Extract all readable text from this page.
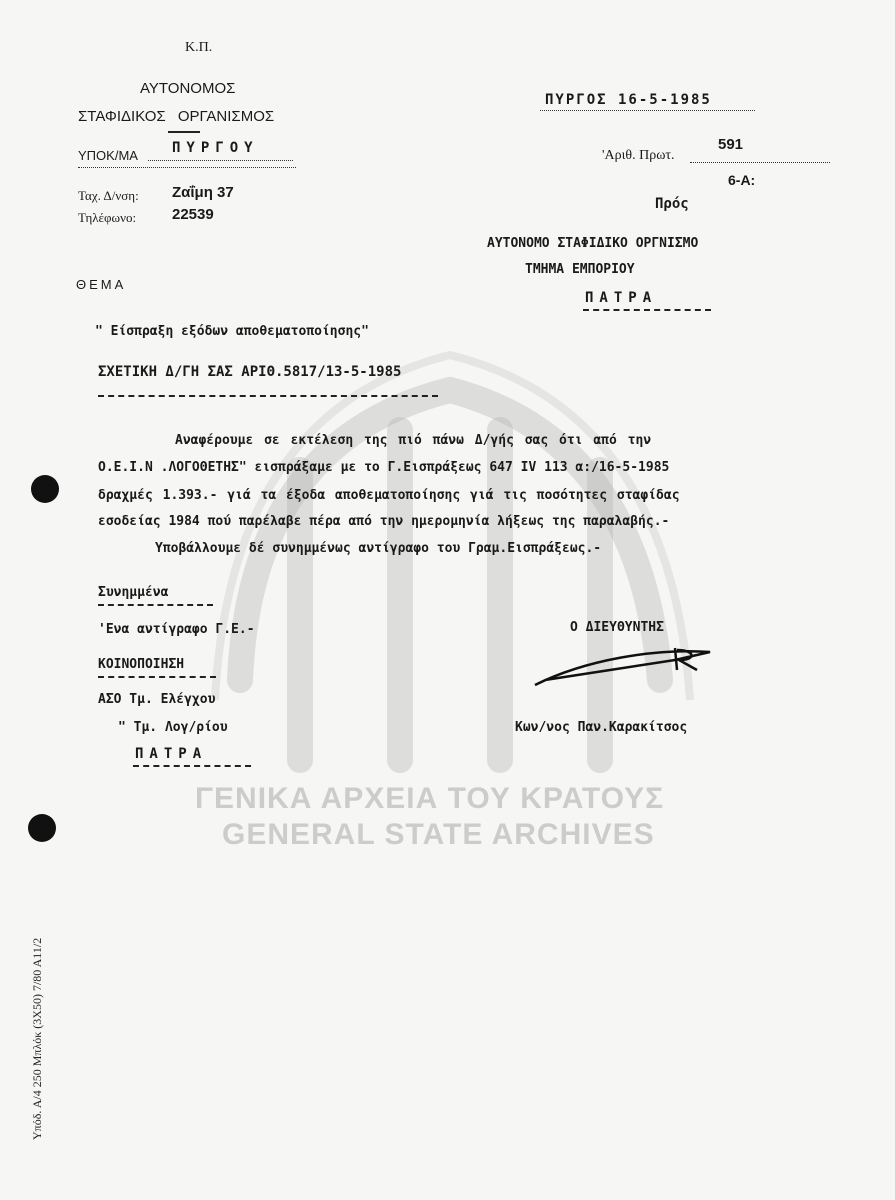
ΓΕΝΙΚΑ ΑΡΧΕΙΑ ΤΟΥ ΚΡΑΤΟΥΣ
GENERAL STATE ARCHIVES
Κ.Π.
ΑΥΤΟΝΟΜΟΣ
ΣΤΑΦΙΔΙΚΟΣ ΟΡΓΑΝΙΣΜΟΣ
ΥΠΟΚ/ΜΑ ΠΥΡΓΟΥ
Ταχ. Δ/νση: Ζαΐμη 37
Τηλέφωνο: 22539
ΠΥΡΓΟΣ 16-5-1985
'Αριθ. Πρωτ.
591
6-Α:
Πρός
ΑΥΤΟΝΟΜΟ ΣΤΑΦΙΔΙΚΟ ΟΡΓΝΙΣΜΟ
ΤΜΗΜΑ ΕΜΠΟΡΙΟΥ
ΠΑΤΡΑ
ΘΕΜΑ
" Είσπραξη εξόδων αποθεματοποίησης"
ΣΧΕΤΙΚΗ Δ/ΓΗ ΣΑΣ ΑΡΙΘ.5817/13-5-1985
Αναφέρουμε σε εκτέλεση της πιό πάνω Δ/γής σας ότι από την
Ο.Ε.Ι.Ν .ΛΟΓΟΘΕΤΗΣ" εισπράξαμε με το Γ.Εισπράξεως 647 IV 113 α:/16-5-1985
δραχμές 1.393.- γιά τα έξοδα αποθεματοποίησης γιά τις ποσότητες σταφίδας
εσοδείας 1984 πού παρέλαβε πέρα από την ημερομηνία λήξεως της παραλαβής.-
Υποβάλλουμε δέ συνημμένως αντίγραφο του Γραμ.Εισπράξεως.-
Συνημμένα
'Ενα αντίγραφο Γ.Ε.-
ΚΟΙΝΟΠΟΙΗΣΗ
ΑΣΟ Τμ. Ελέγχου
" Τμ. Λογ/ρίου
ΠΑΤΡΑ
Ο ΔΙΕΥΘΥΝΤΗΣ
Κων/νος Παν.Καρακίτσος
Υπόδ. Α/4 250 Μπλόκ (3Χ50) 7/80 Α11/2
